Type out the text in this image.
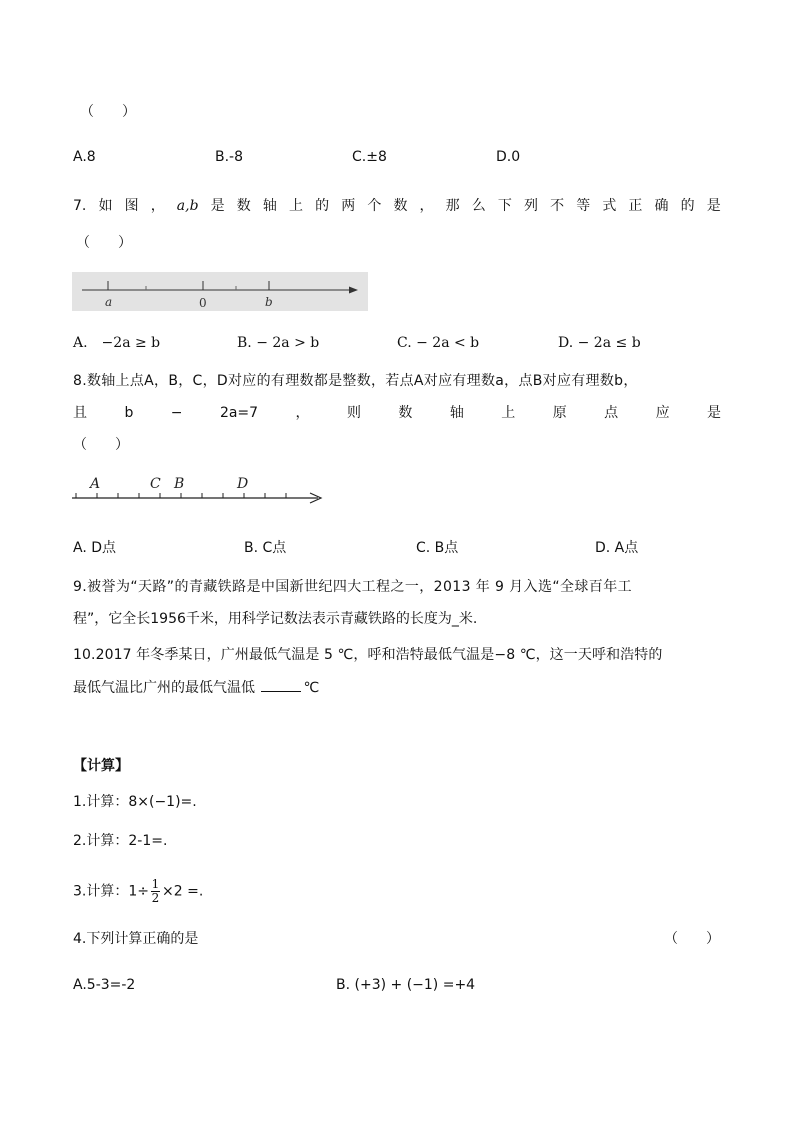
（　　）
A.8	B.-8	C.±8	D.0
7. 如 图 ， a,b 是 数 轴 上 的 两 个 数 ， 那 么 下 列 不 等 式 正 确 的 是
（　　）
a	0	b
A.　−2a ≥ b	B. − 2a > b	C. − 2a < b	D. − 2a ≤ b
8.数轴上点A，B，C，D对应的有理数都是整数，若点A对应有理数a，点B对应有理数b，
且	b	−	2a=7	，	则	数	轴	上	原	点	应	是
（　　）
A	C B	D
A. D点	B. C点	C. B点	D. A点
9.被誉为“天路”的青藏铁路是中国新世纪四大工程之一，2013 年 9 月入选“全球百年工
程”，它全长1956千米，用科学记数法表示青藏铁路的长度为_米.
10.2017 年冬季某日，广州最低气温是 5 ℃，呼和浩特最低气温是−8 ℃，这一天呼和浩特的
最低气温比广州的最低气温低	℃
【计算】
1.计算：8×(−1)=.
2.计算：2-1=.
3.计算：$1\div \frac{1}{2} \times 2$ =.
4.下列计算正确的是	（　　）
A.5-3=-2	B. (+3) + (−1) =+4
